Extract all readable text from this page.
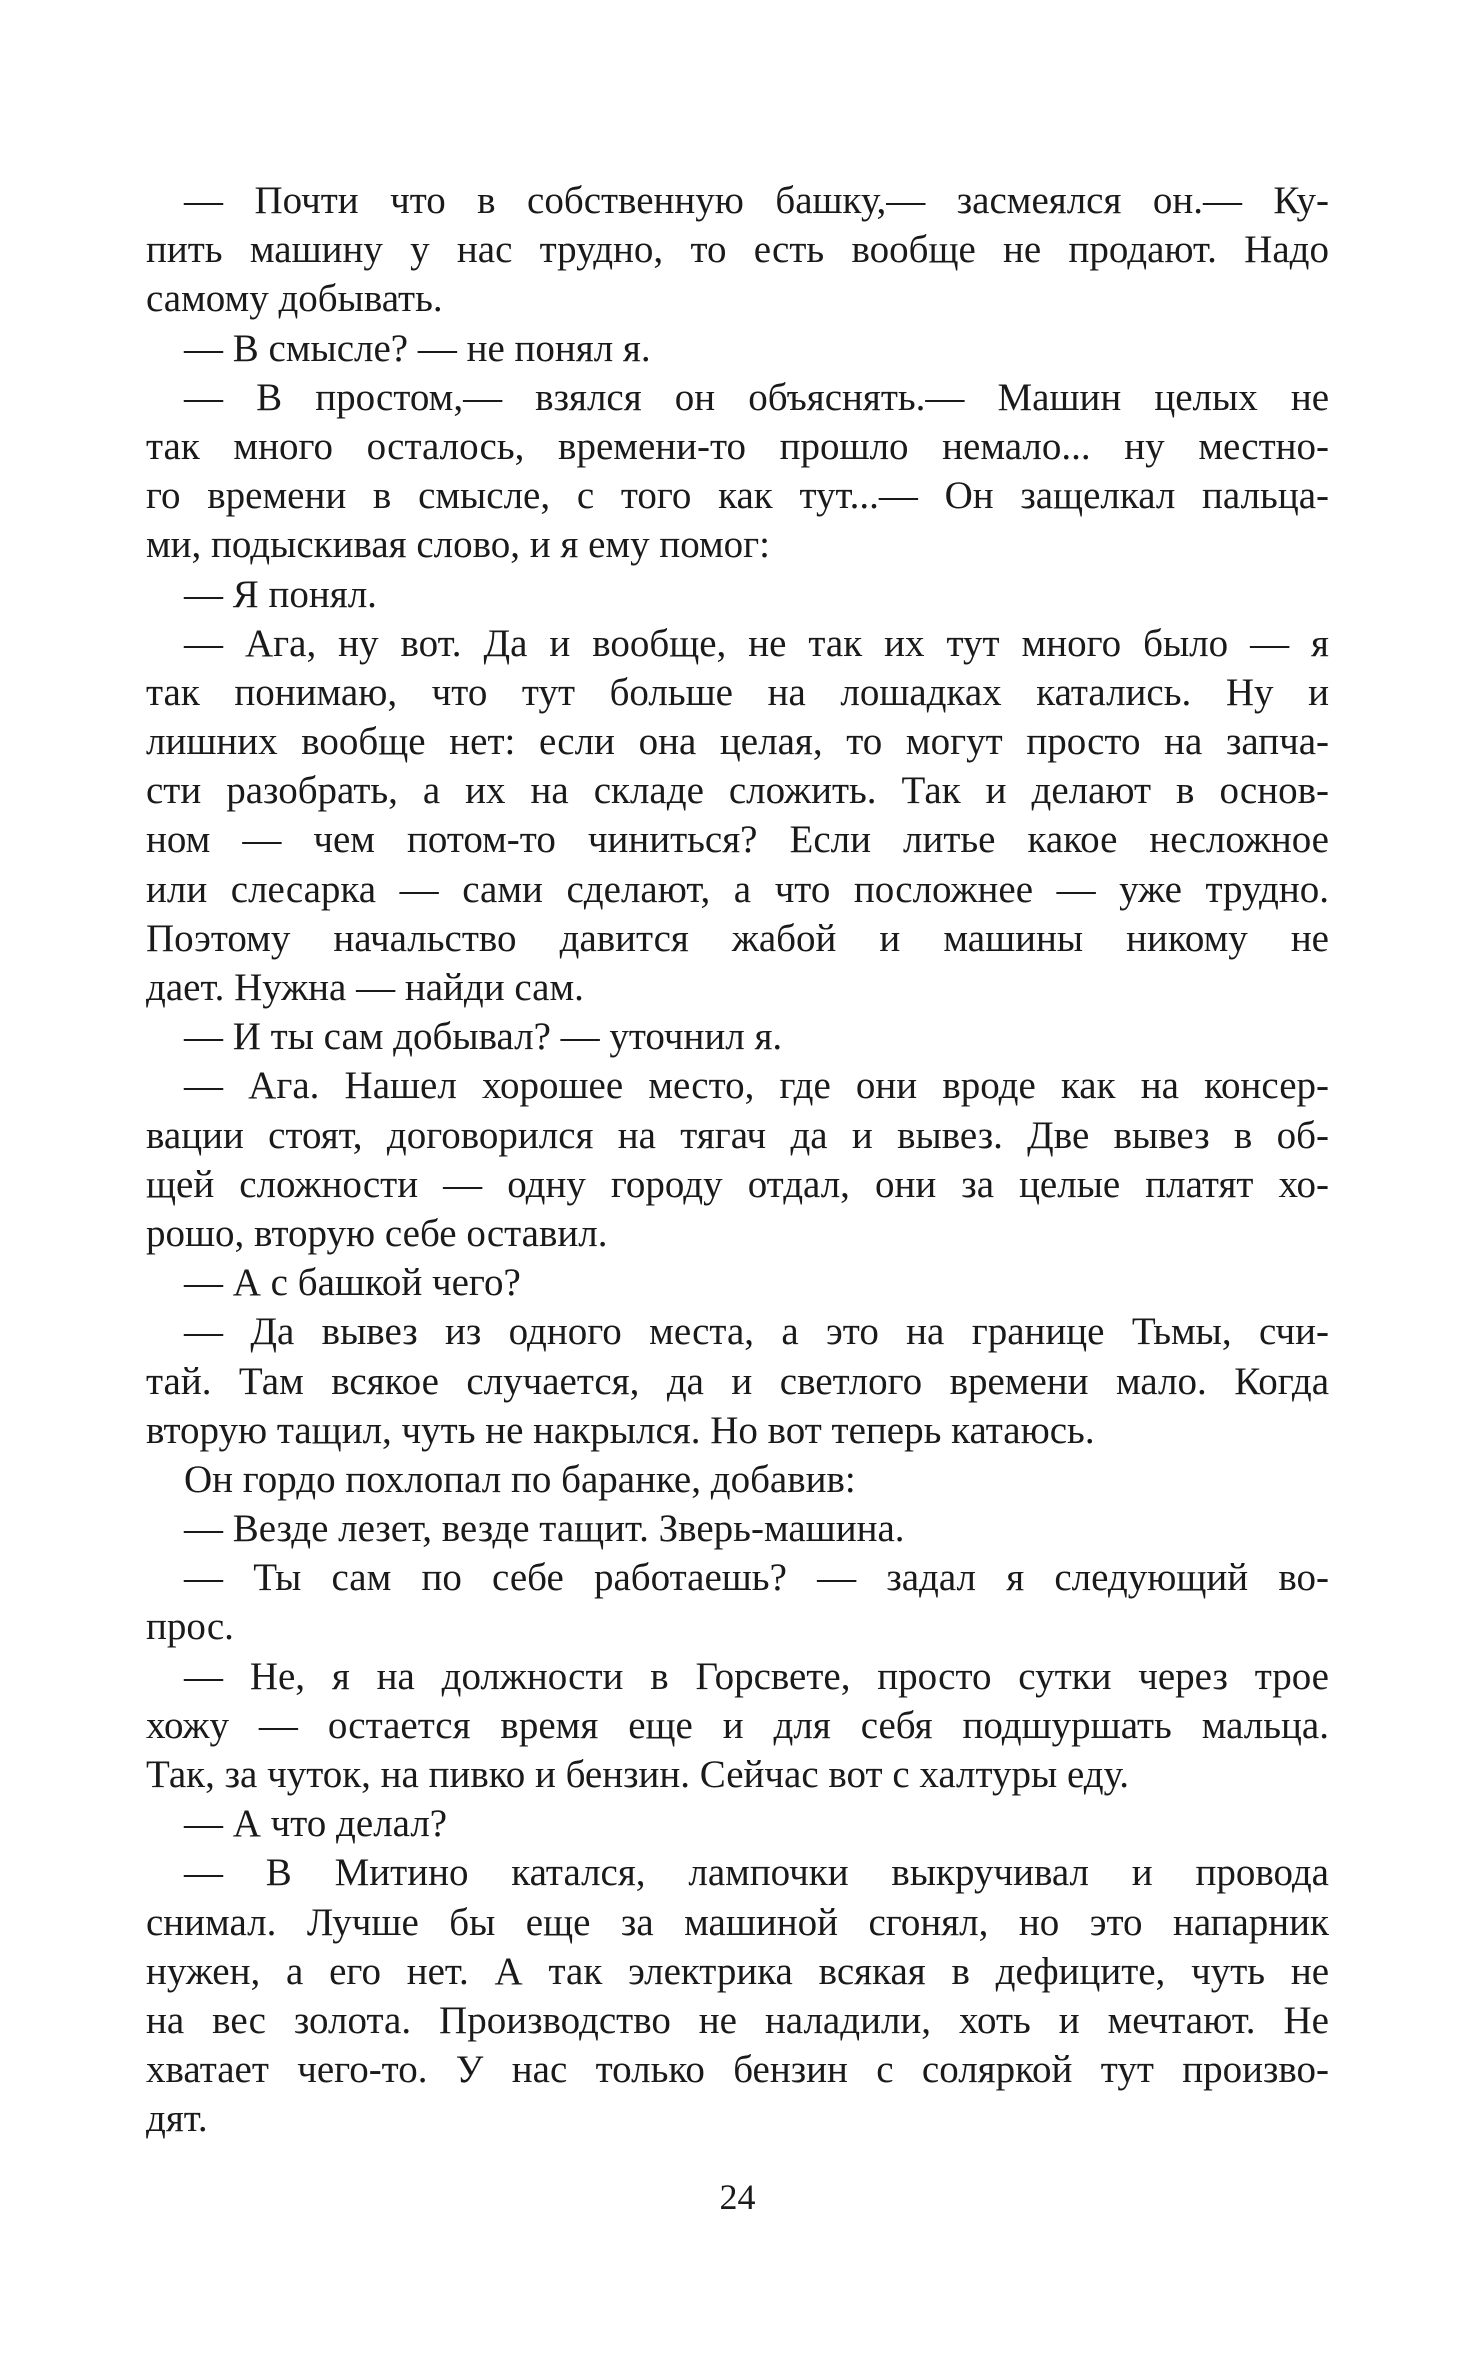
— Почти что в собственную башку,— засмеялся он.— Ку-
пить машину у нас трудно, то есть вообще не продают. Надо
самому добывать.
— В смысле? — не понял я.
— В простом,— взялся он объяснять.— Машин целых не
так много осталось, времени-то прошло немало... ну местно-
го времени в смысле, с того как тут...— Он защелкал пальца-
ми, подыскивая слово, и я ему помог:
— Я понял.
— Ага, ну вот. Да и вообще, не так их тут много было — я
так понимаю, что тут больше на лошадках катались. Ну и
лишних вообще нет: если она целая, то могут просто на запча-
сти разобрать, а их на складе сложить. Так и делают в основ-
ном — чем потом-то чиниться? Если литье какое несложное
или слесарка — сами сделают, а что посложнее — уже трудно.
Поэтому начальство давится жабой и машины никому не
дает. Нужна — найди сам.
— И ты сам добывал? — уточнил я.
— Ага. Нашел хорошее место, где они вроде как на консер-
вации стоят, договорился на тягач да и вывез. Две вывез в об-
щей сложности — одну городу отдал, они за целые платят хо-
рошо, вторую себе оставил.
— А с башкой чего?
— Да вывез из одного места, а это на границе Тьмы, счи-
тай. Там всякое случается, да и светлого времени мало. Когда
вторую тащил, чуть не накрылся. Но вот теперь катаюсь.
Он гордо похлопал по баранке, добавив:
— Везде лезет, везде тащит. Зверь-машина.
— Ты сам по себе работаешь? — задал я следующий во-
прос.
— Не, я на должности в Горсвете, просто сутки через трое
хожу — остается время еще и для себя подшуршать мальца.
Так, за чуток, на пивко и бензин. Сейчас вот с халтуры еду.
— А что делал?
— В Митино катался, лампочки выкручивал и провода
снимал. Лучше бы еще за машиной сгонял, но это напарник
нужен, а его нет. А так электрика всякая в дефиците, чуть не
на вес золота. Производство не наладили, хоть и мечтают. Не
хватает чего-то. У нас только бензин с соляркой тут произво-
дят.
24
